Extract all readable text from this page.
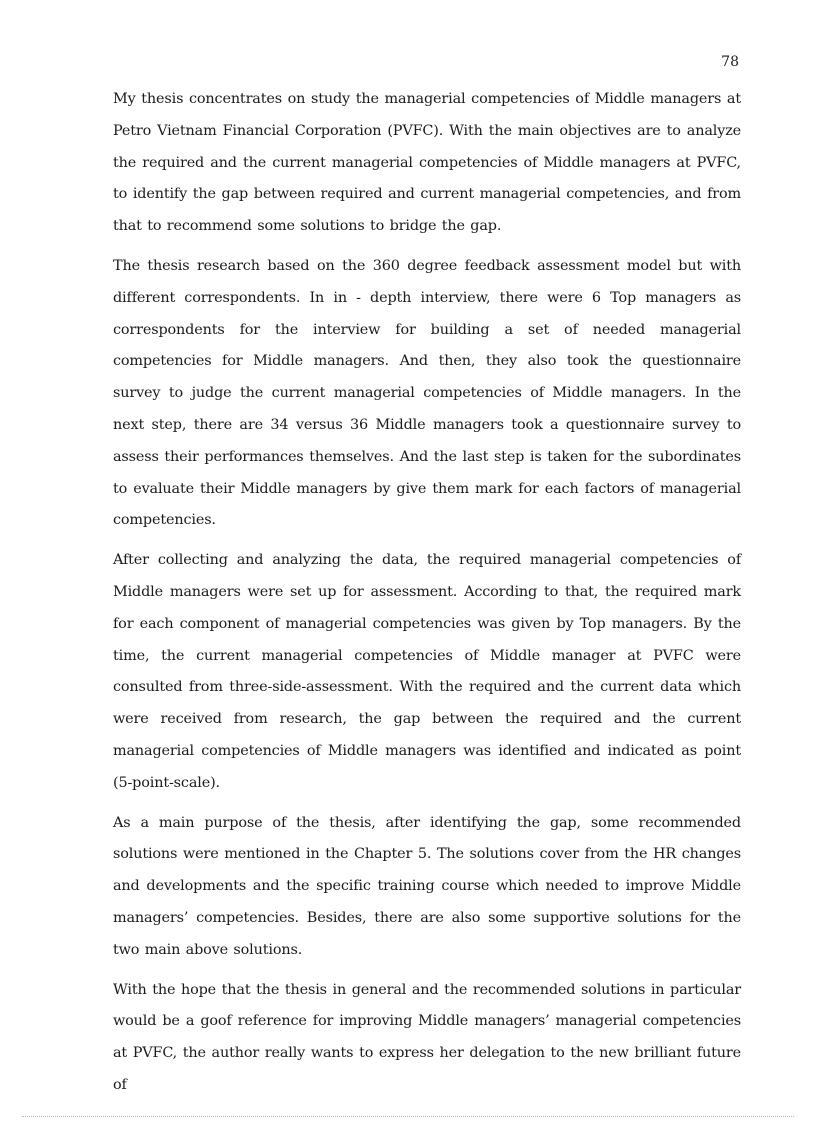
78

My thesis concentrates on study the managerial competencies of Middle managers at Petro Vietnam Financial Corporation (PVFC). With the main objectives are to analyze the required and the current managerial competencies of Middle managers at PVFC, to identify the gap between required and current managerial competencies, and from that to recommend some solutions to bridge the gap.

The thesis research based on the 360 degree feedback assessment model but with different correspondents. In in - depth interview, there were 6 Top managers as correspondents for the interview for building a set of needed managerial competencies for Middle managers. And then, they also took the questionnaire survey to judge the current managerial competencies of Middle managers. In the next step, there are 34 versus 36 Middle managers took a questionnaire survey to assess their performances themselves. And the last step is taken for the subordinates to evaluate their Middle managers by give them mark for each factors of managerial competencies.

After collecting and analyzing the data, the required managerial competencies of Middle managers were set up for assessment. According to that, the required mark for each component of managerial competencies was given by Top managers. By the time, the current managerial competencies of Middle manager at PVFC were consulted from three-side-assessment. With the required and the current data which were received from research, the gap between the required and the current managerial competencies of Middle managers was identified and indicated as point (5-point-scale).

As a main purpose of the thesis, after identifying the gap, some recommended solutions were mentioned in the Chapter 5. The solutions cover from the HR changes and developments and the specific training course which needed to improve Middle managers’ competencies. Besides, there are also some supportive solutions for the two main above solutions.

With the hope that the thesis in general and the recommended solutions in particular would be a goof reference for improving Middle managers’ managerial competencies at PVFC, the author really wants to express her delegation to the new brilliant future of
